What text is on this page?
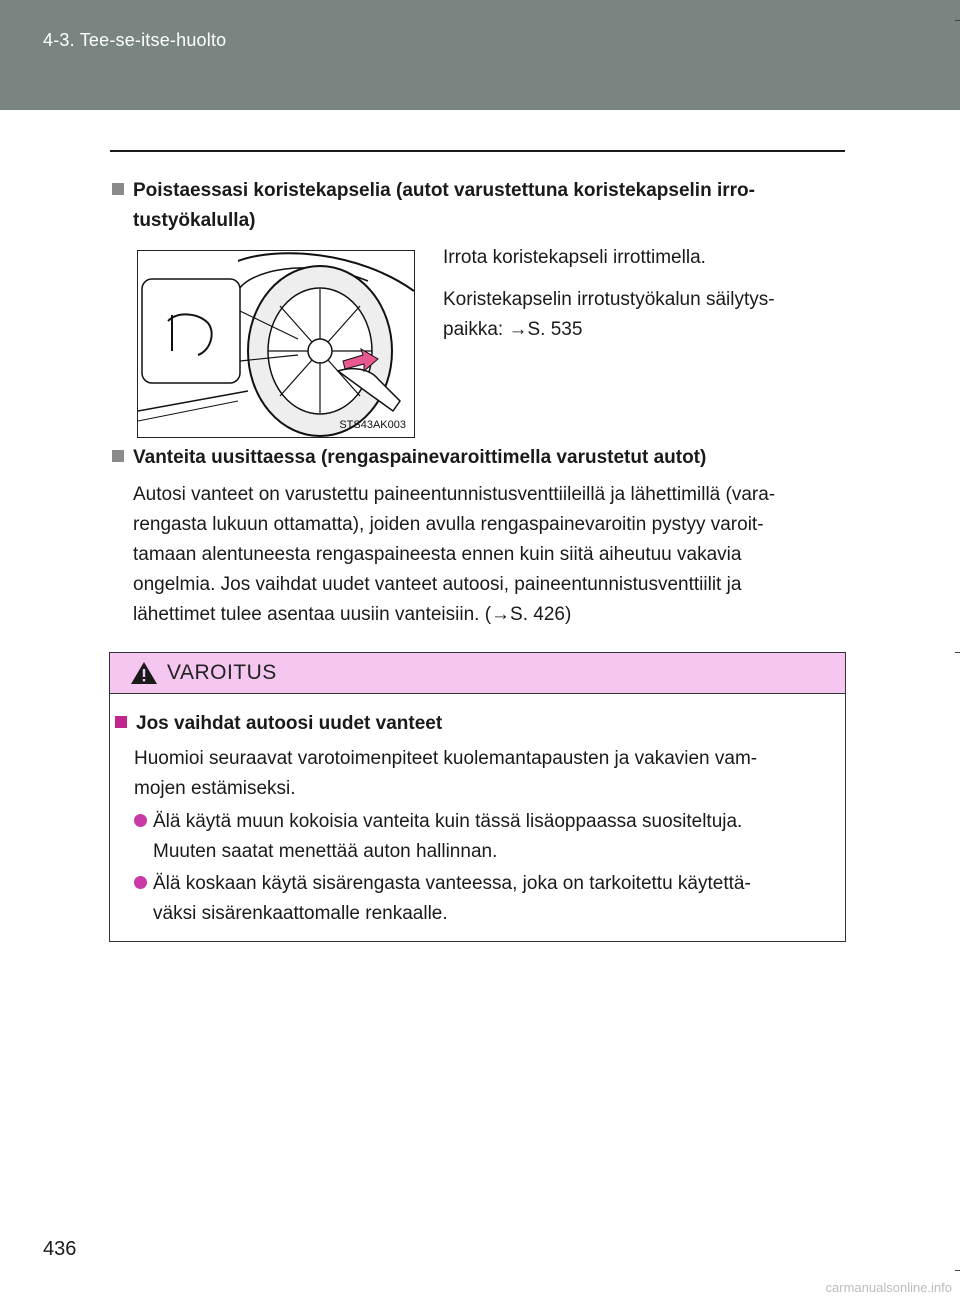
4-3. Tee-se-itse-huolto
Poistaessasi koristekapselia (autot varustettuna koristekapselin irro-
tustyökalulla)
STS43AK003
Irrota koristekapseli irrottimella.
Koristekapselin irrotustyökalun säilytys-
paikka: →S. 535
Vanteita uusittaessa (rengaspainevaroittimella varustetut autot)
Autosi vanteet on varustettu paineentunnistusventtiileillä ja lähettimillä (vara-
rengasta lukuun ottamatta), joiden avulla rengaspainevaroitin pystyy varoit-
tamaan alentuneesta rengaspaineesta ennen kuin siitä aiheutuu vakavia
ongelmia. Jos vaihdat uudet vanteet autoosi, paineentunnistusventtiilit ja
lähettimet tulee asentaa uusiin vanteisiin. (→S. 426)
VAROITUS
Jos vaihdat autoosi uudet vanteet
Huomioi seuraavat varotoimenpiteet kuolemantapausten ja vakavien vam-
mojen estämiseksi.
Älä käytä muun kokoisia vanteita kuin tässä lisäoppaassa suositeltuja.
Muuten saatat menettää auton hallinnan.
Älä koskaan käytä sisärengasta vanteessa, joka on tarkoitettu käytettä-
väksi sisärenkaattomalle renkaalle.
436
carmanualsonline.info
